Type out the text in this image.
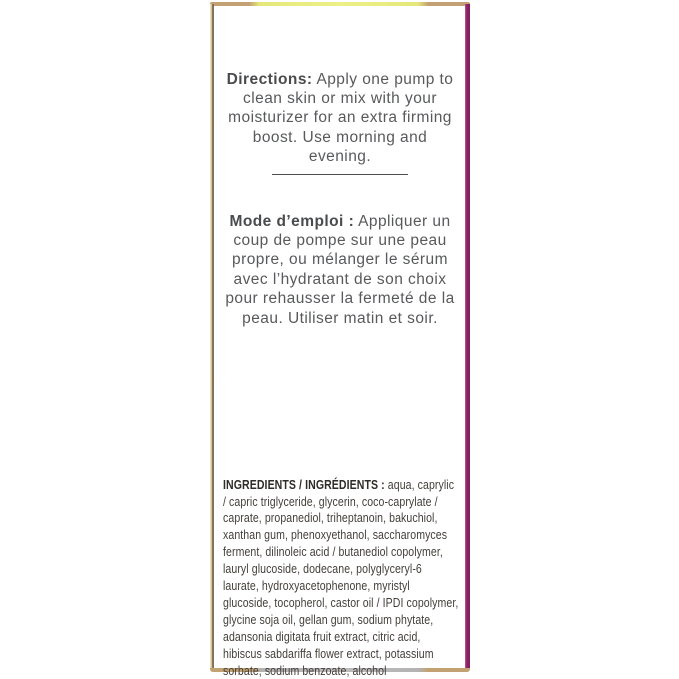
Directions: Apply one pump to clean skin or mix with your moisturizer for an extra firming boost. Use morning and evening.

Mode d’emploi : Appliquer un coup de pompe sur une peau propre, ou mélanger le sérum avec l’hydratant de son choix pour rehausser la fermeté de la peau. Utiliser matin et soir.

INGREDIENTS / INGRÉDIENTS : aqua, caprylic / capric triglyceride, glycerin, coco-caprylate / caprate, propanediol, triheptanoin, bakuchiol, xanthan gum, phenoxyethanol, saccharomyces ferment, dilinoleic acid / butanediol copolymer, lauryl glucoside, dodecane, polyglyceryl-6 laurate, hydroxyacetophenone, myristyl glucoside, tocopherol, castor oil / IPDI copolymer, glycine soja oil, gellan gum, sodium phytate, adansonia digitata fruit extract, citric acid, hibiscus sabdariffa flower extract, potassium sorbate, sodium benzoate, alcohol
